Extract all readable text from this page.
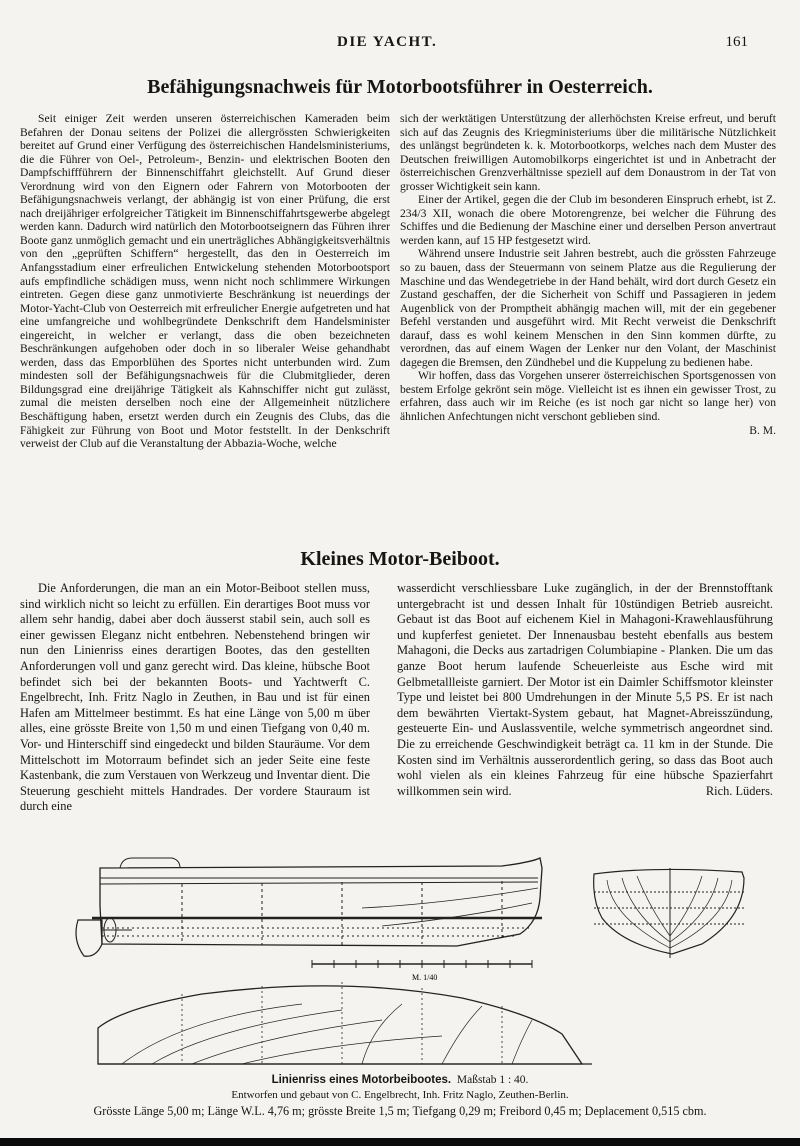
DIE YACHT.	161
Befähigungsnachweis für Motorbootsführer in Oesterreich.

Seit einiger Zeit werden unseren österreichischen Kameraden beim Befahren der Donau seitens der Polizei die allergrössten Schwierigkeiten bereitet auf Grund einer Verfügung des österreichischen Handelsministeriums, die die Führer von Oel-, Petroleum-, Benzin- und elektrischen Booten den Dampfschiffführern der Binnenschiffahrt gleichstellt. Auf Grund dieser Verordnung wird von den Eignern oder Fahrern von Motorbooten der Befähigungsnachweis verlangt, der abhängig ist von einer Prüfung, die erst nach dreijähriger erfolgreicher Tätigkeit im Binnenschiffahrtsgewerbe abgelegt werden kann. Dadurch wird natürlich den Motorbootseignern das Führen ihrer Boote ganz unmöglich gemacht und ein unerträgliches Abhängigkeitsverhältnis von den „geprüften Schiffern“ hergestellt, das den in Oesterreich im Anfangsstadium einer erfreulichen Entwickelung stehenden Motorbootsport aufs empfindliche schädigen muss, wenn nicht noch schlimmere Wirkungen eintreten. Gegen diese ganz unmotivierte Beschränkung ist neuerdings der Motor-Yacht-Club von Oesterreich mit erfreulicher Energie aufgetreten und hat eine umfangreiche und wohlbegründete Denkschrift dem Handelsminister eingereicht, in welcher er verlangt, dass die oben bezeichneten Beschränkungen aufgehoben oder doch in so liberaler Weise gehandhabt werden, dass das Emporblühen des Sportes nicht unterbunden wird. Zum mindesten soll der Befähigungsnachweis für die Clubmitglieder, deren Bildungsgrad eine dreijährige Tätigkeit als Kahnschiffer nicht gut zulässt, zumal die meisten derselben noch eine der Allgemeinheit nützlichere Beschäftigung haben, ersetzt werden durch ein Zeugnis des Clubs, das die Fähigkeit zur Führung von Boot und Motor feststellt. In der Denkschrift verweist der Club auf die Veranstaltung der Abbazia-Woche, welche

sich der werktätigen Unterstützung der allerhöchsten Kreise erfreut, und beruft sich auf das Zeugnis des Kriegministeriums über die militärische Nützlichkeit des unlängst begründeten k. k. Motorbootkorps, welches nach dem Muster des Deutschen freiwilligen Automobilkorps eingerichtet ist und in Anbetracht der österreichischen Grenzverhältnisse speziell auf dem Donaustrom in der Tat von grosser Wichtigkeit sein kann.

Einer der Artikel, gegen die der Club im besonderen Einspruch erhebt, ist Z. 234/3 XII, wonach die obere Motorengrenze, bei welcher die Führung des Schiffes und die Bedienung der Maschine einer und derselben Person anvertraut werden kann, auf 15 HP festgesetzt wird.

Während unsere Industrie seit Jahren bestrebt, auch die grössten Fahrzeuge so zu bauen, dass der Steuermann von seinem Platze aus die Regulierung der Maschine und das Wendegetriebe in der Hand behält, wird dort durch Gesetz ein Zustand geschaffen, der die Sicherheit von Schiff und Passagieren in jedem Augenblick von der Promptheit abhängig machen will, mit der ein gegebener Befehl verstanden und ausgeführt wird. Mit Recht verweist die Denkschrift darauf, dass es wohl keinem Menschen in den Sinn kommen dürfte, zu verordnen, das auf einem Wagen der Lenker nur den Volant, der Maschinist dagegen die Bremsen, den Zündhebel und die Kuppelung zu bedienen habe.

Wir hoffen, dass das Vorgehen unserer österreichischen Sportsgenossen von bestem Erfolge gekrönt sein möge. Vielleicht ist es ihnen ein gewisser Trost, zu erfahren, dass auch wir im Reiche (es ist noch gar nicht so lange her) von ähnlichen Anfechtungen nicht verschont geblieben sind.

B. M.

Kleines Motor-Beiboot.

Die Anforderungen, die man an ein Motor-Beiboot stellen muss, sind wirklich nicht so leicht zu erfüllen. Ein derartiges Boot muss vor allem sehr handig, dabei aber doch äusserst stabil sein, auch soll es einer gewissen Eleganz nicht entbehren. Nebenstehend bringen wir nun den Linienriss eines derartigen Bootes, das den gestellten Anforderungen voll und ganz gerecht wird. Das kleine, hübsche Boot befindet sich bei der bekannten Boots- und Yachtwerft C. Engelbrecht, Inh. Fritz Naglo in Zeuthen, in Bau und ist für einen Hafen am Mittelmeer bestimmt. Es hat eine Länge von 5,00 m über alles, eine grösste Breite von 1,50 m und einen Tiefgang von 0,40 m. Vor- und Hinterschiff sind eingedeckt und bilden Stauräume. Vor dem Mittelschott im Motorraum befindet sich an jeder Seite eine feste Kastenbank, die zum Verstauen von Werkzeug und Inventar dient. Die Steuerung geschieht mittels Handrades. Der vordere Stauraum ist durch eine

wasserdicht verschliessbare Luke zugänglich, in der der Brennstofftank untergebracht ist und dessen Inhalt für 10stündigen Betrieb ausreicht. Gebaut ist das Boot auf eichenem Kiel in Mahagoni-Krawehlausführung und kupferfest genietet. Der Innenausbau besteht ebenfalls aus bestem Mahagoni, die Decks aus zartadrigen Columbiapine - Planken. Die um das ganze Boot herum laufende Scheuerleiste aus Esche wird mit Gelbmetallleiste garniert. Der Motor ist ein Daimler Schiffsmotor kleinster Type und leistet bei 800 Umdrehungen in der Minute 5,5 PS. Er ist nach dem bewährten Viertakt-System gebaut, hat Magnet-Abreisszündung, gesteuerte Ein- und Auslassventile, welche symmetrisch angeordnet sind. Die zu erreichende Geschwindigkeit beträgt ca. 11 km in der Stunde. Die Kosten sind im Verhältnis ausserordentlich gering, so dass das Boot auch wohl vielen als ein kleines Fahrzeug für eine hübsche Spazierfahrt willkommen sein wird.	Rich. Lüders.

M. 1/40
Linienriss eines Motorbeibootes. Maßstab 1 : 40.
Entworfen und gebaut von C. Engelbrecht, Inh. Fritz Naglo, Zeuthen-Berlin.
Grösste Länge 5,00 m; Länge W.L. 4,76 m; grösste Breite 1,5 m; Tiefgang 0,29 m; Freibord 0,45 m; Deplacement 0,515 cbm.
